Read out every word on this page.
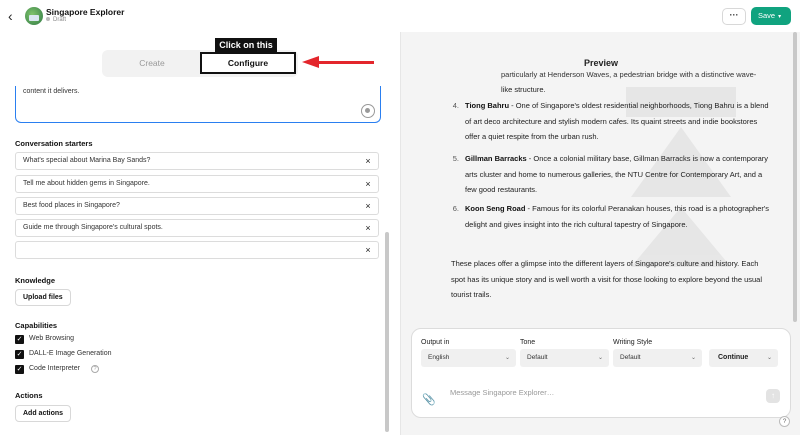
‹	Singapore Explorer
Draft	···	Save ▾
Create	Configure
Click on this
content it delivers.
Conversation starters
What's special about Marina Bay Sands?	×
Tell me about hidden gems in Singapore.	×
Best food places in Singapore?	×
Guide me through Singapore's cultural spots.	×
×
Knowledge
Upload files
Capabilities
✓ Web Browsing
✓ DALL-E Image Generation
✓ Code Interpreter	?
Actions
Add actions
Preview
particularly at Henderson Waves, a pedestrian bridge with a distinctive wave-
like structure.
4. Tiong Bahru - One of Singapore's oldest residential neighborhoods, Tiong Bahru is a blend of art deco architecture and stylish modern cafes. Its quaint streets and indie bookstores offer a quiet respite from the urban rush.
5. Gillman Barracks - Once a colonial military base, Gillman Barracks is now a contemporary arts cluster and home to numerous galleries, the NTU Centre for Contemporary Art, and a few good restaurants.
6. Koon Seng Road - Famous for its colorful Peranakan houses, this road is a photographer's delight and gives insight into the rich cultural tapestry of Singapore.
These places offer a glimpse into the different layers of Singapore's culture and history. Each spot has its unique story and is well worth a visit for those looking to explore beyond the usual tourist trails.
Output in
English	⌄
Tone
Default	⌄
Writing Style
Default	⌄	Continue	⌄
📎
Message Singapore Explorer…	↑
?
